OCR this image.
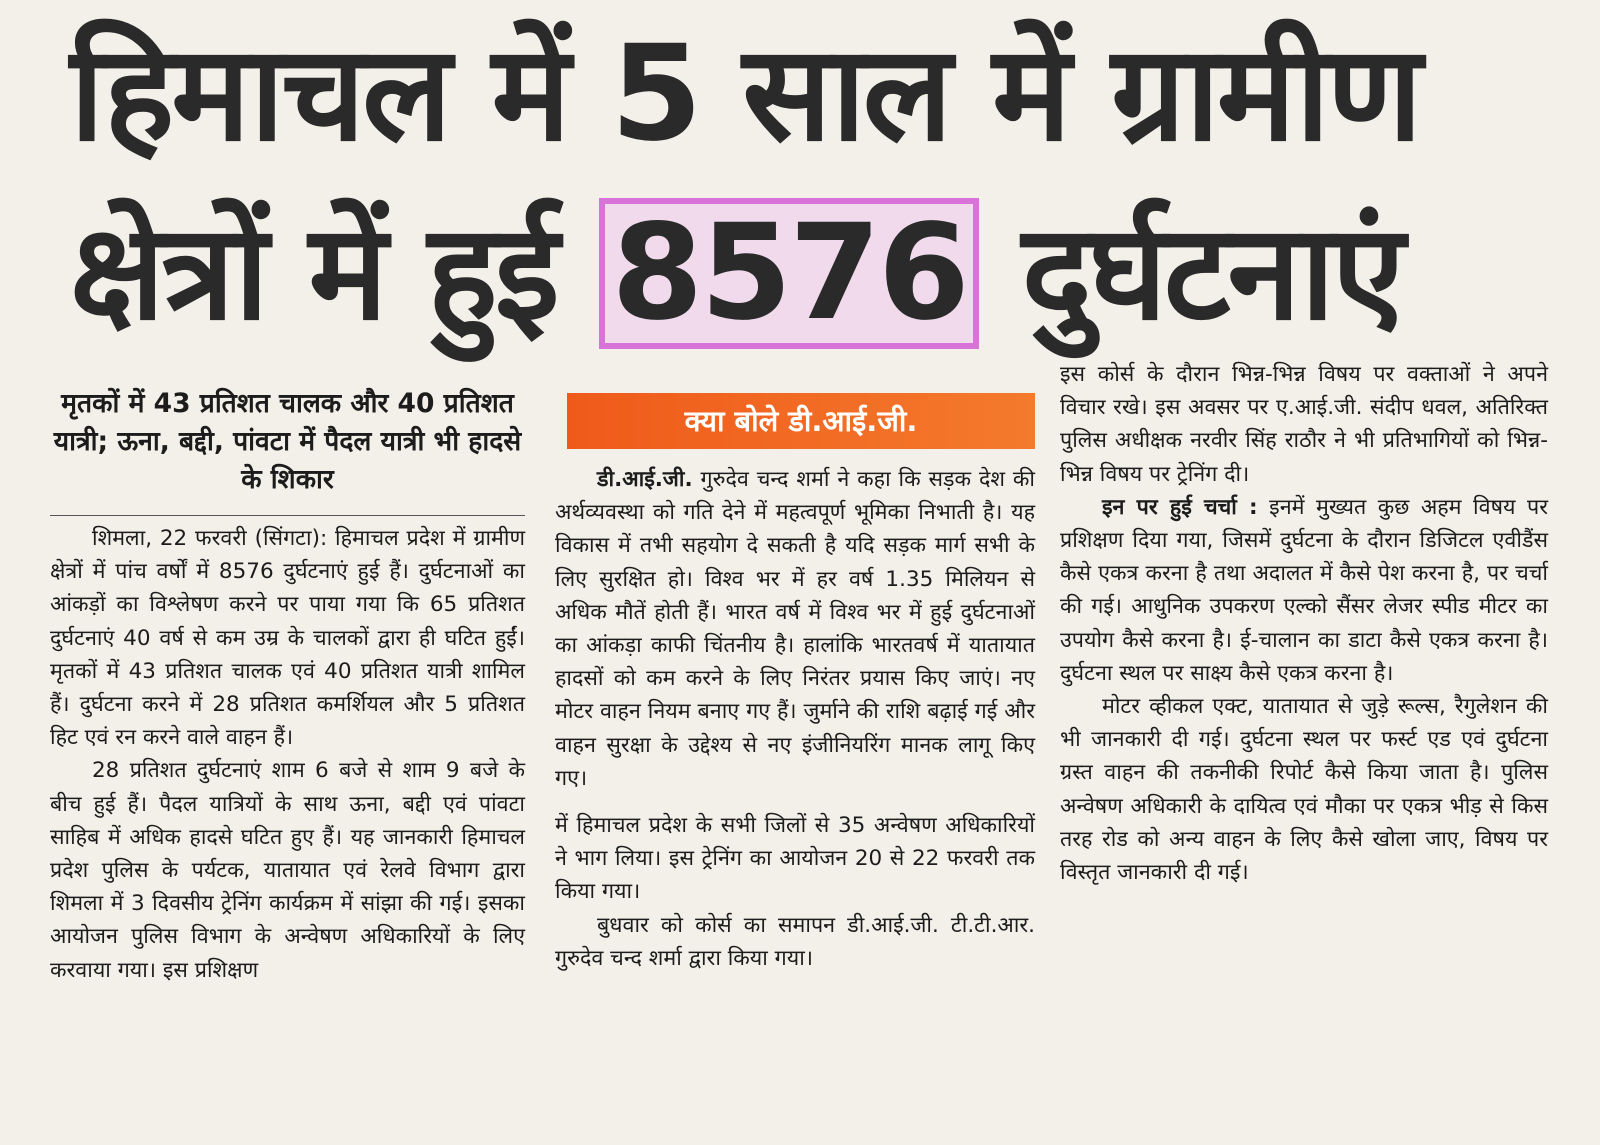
हिमाचल में 5 साल में ग्रामीण
क्षेत्रों में हुई 8576 दुर्घटनाएं
मृतकों में 43 प्रतिशत चालक और 40 प्रतिशत यात्री; ऊना, बद्दी, पांवटा में पैदल यात्री भी हादसे के शिकार

शिमला, 22 फरवरी (सिंगटा): हिमाचल प्रदेश में ग्रामीण क्षेत्रों में पांच वर्षों में 8576 दुर्घटनाएं हुई हैं। दुर्घटनाओं का आंकड़ों का विश्लेषण करने पर पाया गया कि 65 प्रतिशत दुर्घटनाएं 40 वर्ष से कम उम्र के चालकों द्वारा ही घटित हुईं। मृतकों में 43 प्रतिशत चालक एवं 40 प्रतिशत यात्री शामिल हैं। दुर्घटना करने में 28 प्रतिशत कमर्शियल और 5 प्रतिशत हिट एवं रन करने वाले वाहन हैं।

28 प्रतिशत दुर्घटनाएं शाम 6 बजे से शाम 9 बजे के बीच हुई हैं। पैदल यात्रियों के साथ ऊना, बद्दी एवं पांवटा साहिब में अधिक हादसे घटित हुए हैं। यह जानकारी हिमाचल प्रदेश पुलिस के पर्यटक, यातायात एवं रेलवे विभाग द्वारा शिमला में 3 दिवसीय ट्रेनिंग कार्यक्रम में सांझा की गई। इसका आयोजन पुलिस विभाग के अन्वेषण अधिकारियों के लिए करवाया गया। इस प्रशिक्षण

क्या बोले डी.आई.जी.

डी.आई.जी. गुरुदेव चन्द शर्मा ने कहा कि सड़क देश की अर्थव्यवस्था को गति देने में महत्वपूर्ण भूमिका निभाती है। यह विकास में तभी सहयोग दे सकती है यदि सड़क मार्ग सभी के लिए सुरक्षित हो। विश्व भर में हर वर्ष 1.35 मिलियन से अधिक मौतें होती हैं। भारत वर्ष में विश्व भर में हुई दुर्घटनाओं का आंकड़ा काफी चिंतनीय है। हालांकि भारतवर्ष में यातायात हादसों को कम करने के लिए निरंतर प्रयास किए जाएं। नए मोटर वाहन नियम बनाए गए हैं। जुर्माने की राशि बढ़ाई गई और वाहन सुरक्षा के उद्देश्य से नए इंजीनियरिंग मानक लागू किए गए।

में हिमाचल प्रदेश के सभी जिलों से 35 अन्वेषण अधिकारियों ने भाग लिया। इस ट्रेनिंग का आयोजन 20 से 22 फरवरी तक किया गया।

बुधवार को कोर्स का समापन डी.आई.जी. टी.टी.आर. गुरुदेव चन्द शर्मा द्वारा किया गया।

इस कोर्स के दौरान भिन्न-भिन्न विषय पर वक्ताओं ने अपने विचार रखे। इस अवसर पर ए.आई.जी. संदीप धवल, अतिरिक्त पुलिस अधीक्षक नरवीर सिंह राठौर ने भी प्रतिभागियों को भिन्न-भिन्न विषय पर ट्रेनिंग दी।

इन पर हुई चर्चा : इनमें मुख्यत कुछ अहम विषय पर प्रशिक्षण दिया गया, जिसमें दुर्घटना के दौरान डिजिटल एवीडैंस कैसे एकत्र करना है तथा अदालत में कैसे पेश करना है, पर चर्चा की गई। आधुनिक उपकरण एल्को सैंसर लेजर स्पीड मीटर का उपयोग कैसे करना है। ई-चालान का डाटा कैसे एकत्र करना है। दुर्घटना स्थल पर साक्ष्य कैसे एकत्र करना है।

मोटर व्हीकल एक्ट, यातायात से जुड़े रूल्स, रैगुलेशन की भी जानकारी दी गई। दुर्घटना स्थल पर फर्स्ट एड एवं दुर्घटना ग्रस्त वाहन की तकनीकी रिपोर्ट कैसे किया जाता है। पुलिस अन्वेषण अधिकारी के दायित्व एवं मौका पर एकत्र भीड़ से किस तरह रोड को अन्य वाहन के लिए कैसे खोला जाए, विषय पर विस्तृत जानकारी दी गई।
